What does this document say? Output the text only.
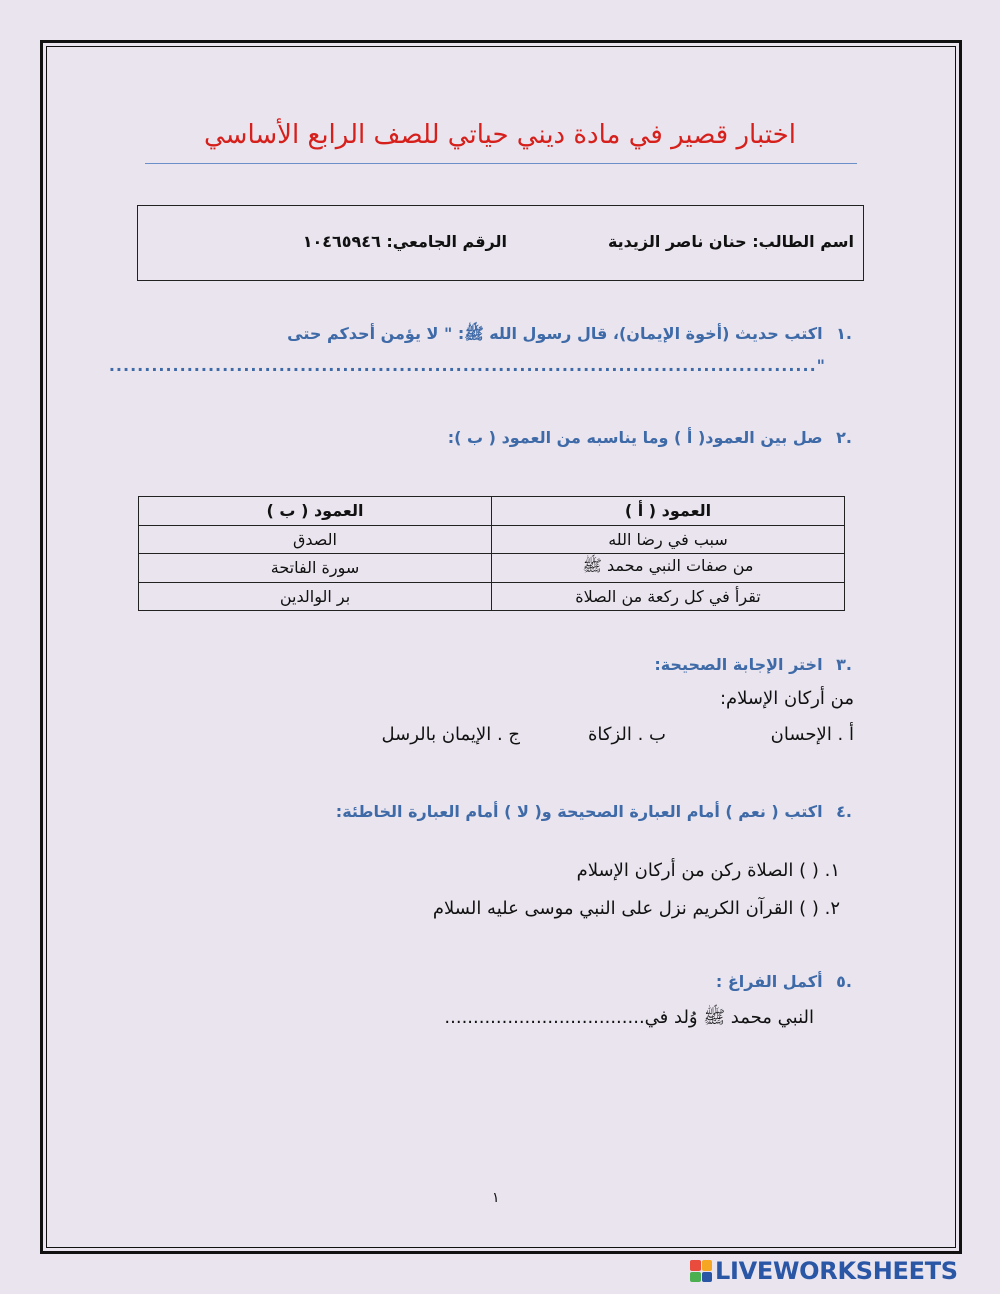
اختبار قصير في مادة ديني حياتي للصف الرابع الأساسي
اسم الطالب: حنان ناصر الزيدية
الرقم الجامعي: ١٠٤٦٥٩٤٦
.١ اكتب حديث (أخوة الإيمان)، قال رسول الله ﷺ: " لا يؤمن أحدكم حتى
"....................................................................................................
.٢ صل بين العمود( أ ) وما يناسبه من العمود ( ب ):
العمود ( أ )	العمود ( ب )
سبب في رضا الله	الصدق
من صفات النبي محمد ﷺ	سورة الفاتحة
تقرأ في كل ركعة من الصلاة	بر الوالدين
.٣ اختر الإجابة الصحيحة:
من أركان الإسلام:
أ . الإحسان
ب . الزكاة
ج . الإيمان بالرسل
.٤ اكتب ( نعم ) أمام العبارة الصحيحة و( لا ) أمام العبارة الخاطئة:
١. ( ) الصلاة ركن من أركان الإسلام
٢. ( ) القرآن الكريم نزل على النبي موسى عليه السلام
.٥ أكمل الفراغ :
النبي محمد ﷺ وُلد في...................................
١
LIVEWORKSHEETS
